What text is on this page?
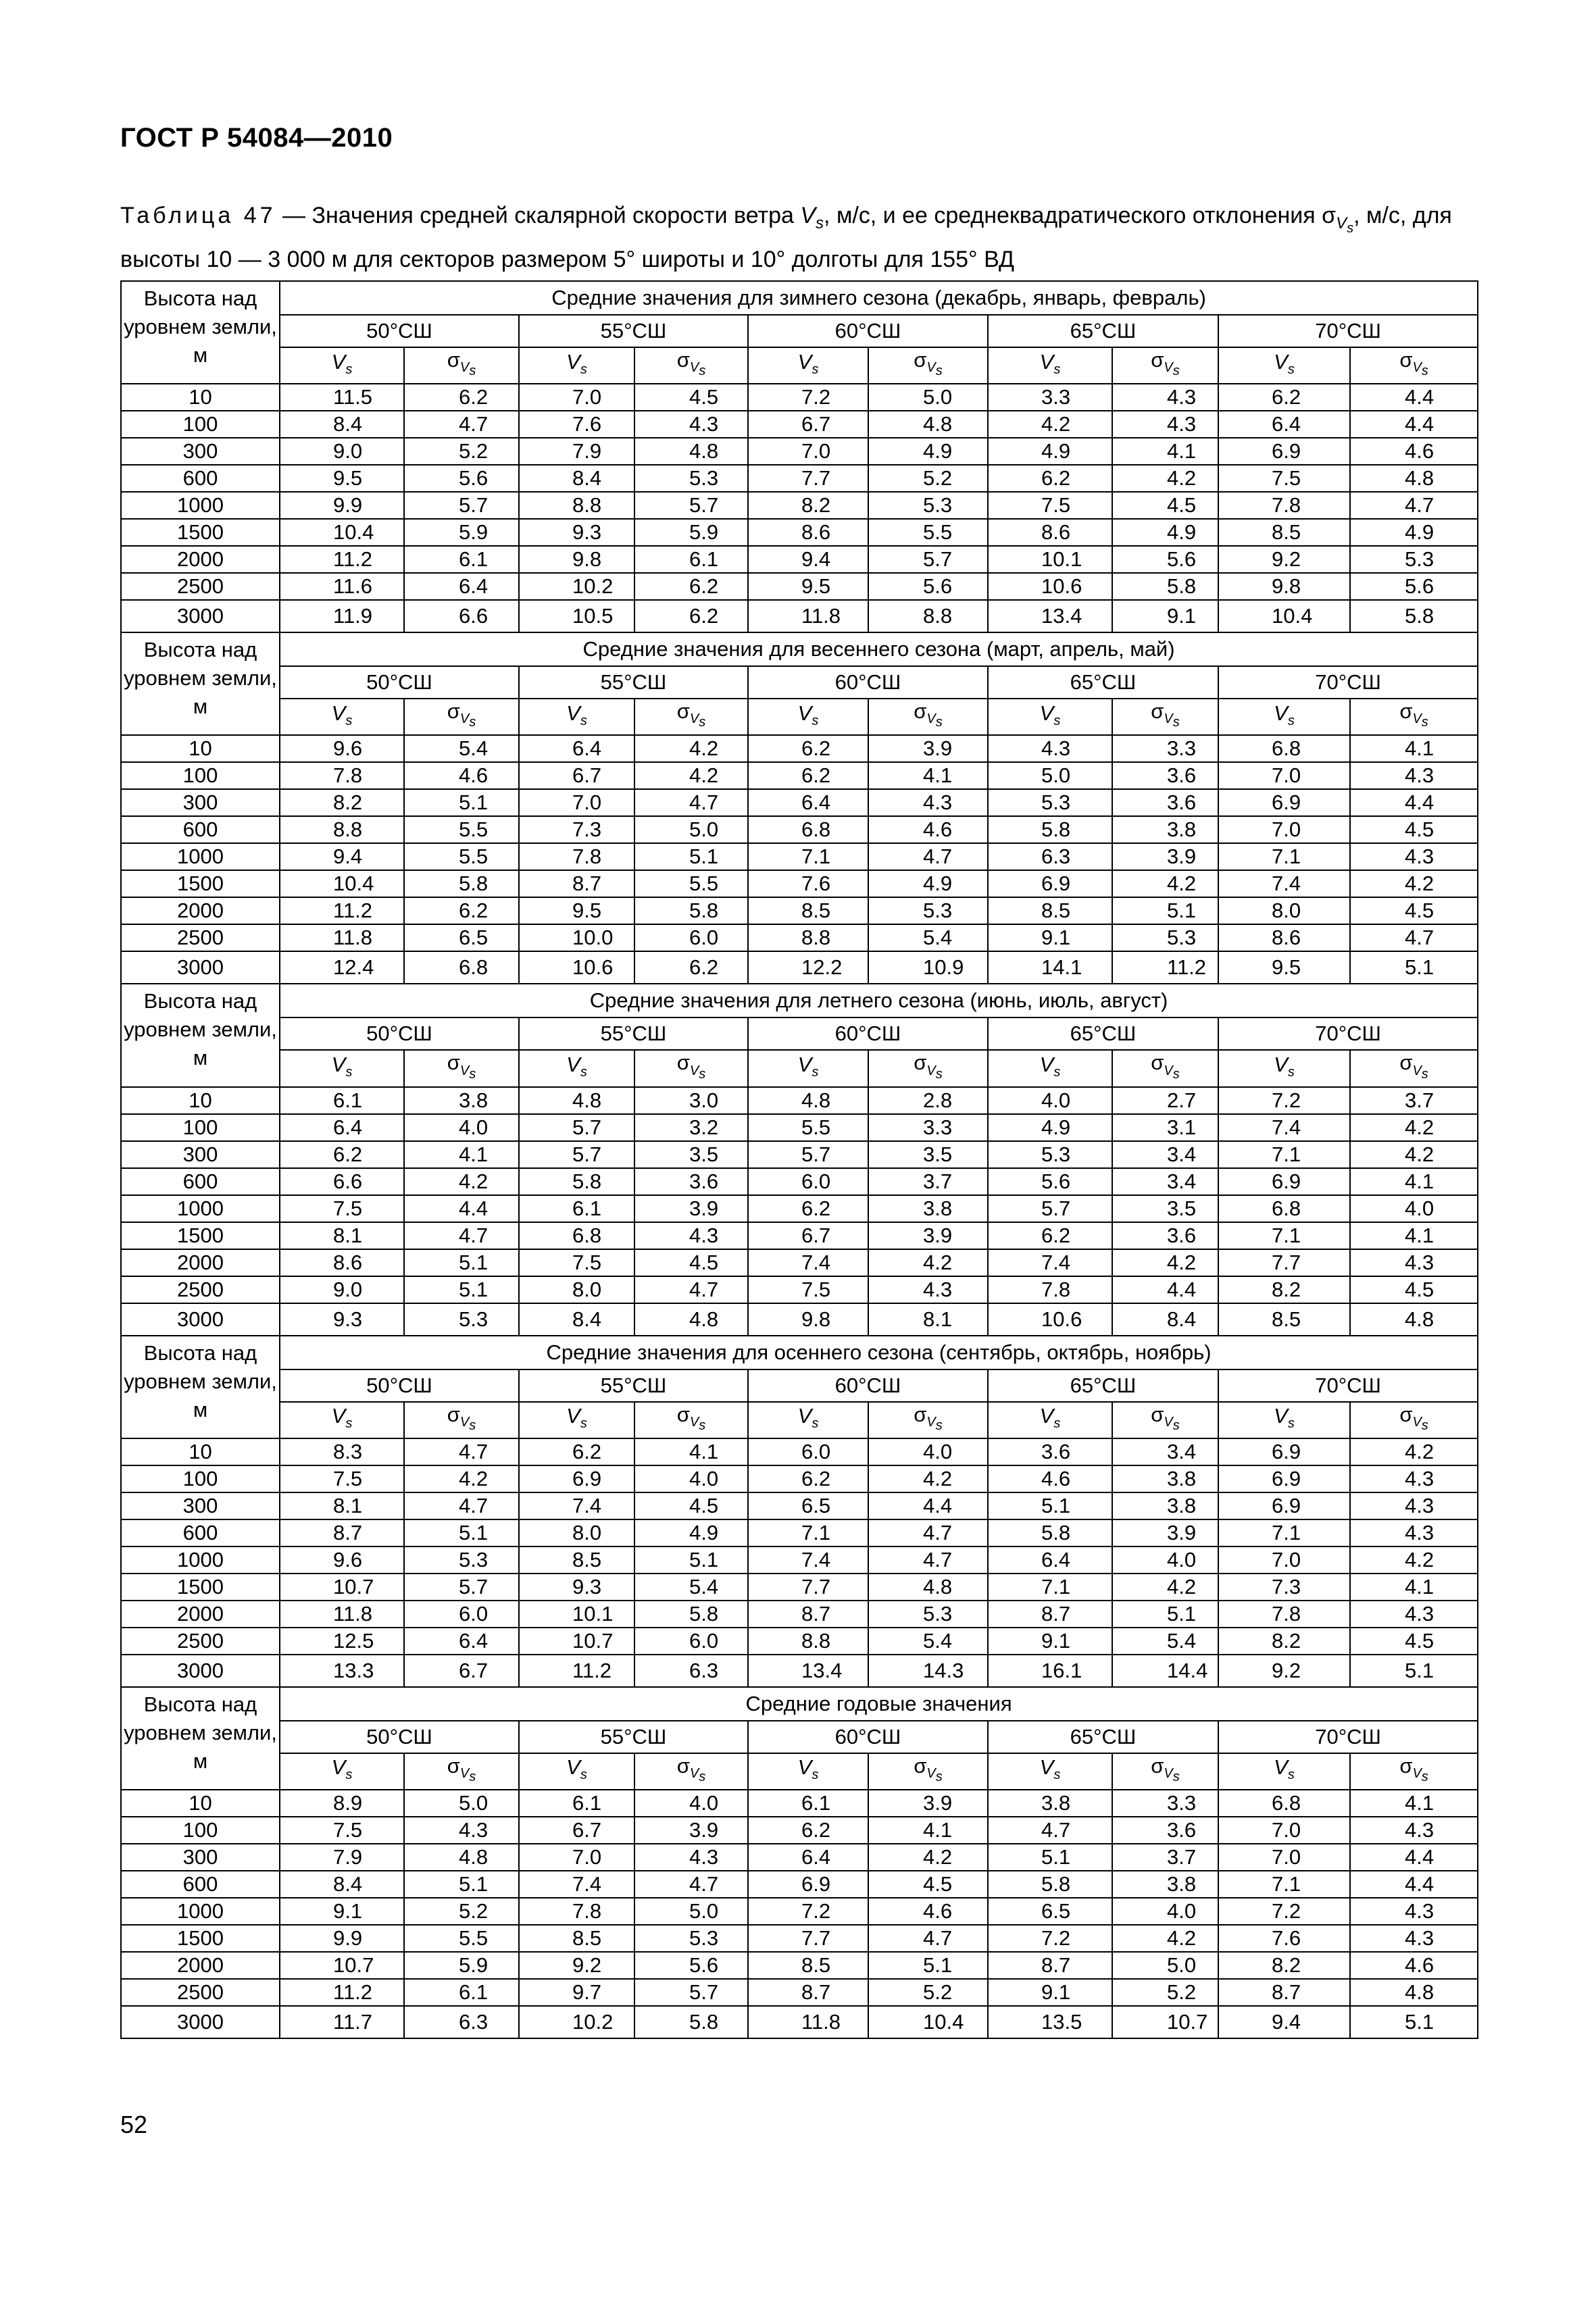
ГОСТ Р 54084—2010
Таблица 47 — Значения средней скалярной скорости ветра $V_s$, м/с, и ее среднеквадратического отклонения $\sigma_{V_s}$, м/с, для высоты 10 — 3 000 м для секторов размером 5° широты и 10° долготы для 155° ВД
Высота над уровнем земли, м	Средние значения для зимнего сезона (декабрь, январь, февраль)									
	50°СШ		55°СШ		60°СШ		65°СШ		70°СШ	
	$V_s$	$\sigma_{V_s}$	$V_s$	$\sigma_{V_s}$	$V_s$	$\sigma_{V_s}$	$V_s$	$\sigma_{V_s}$	$V_s$	$\sigma_{V_s}$
10	11.5	6.2	7.0	4.5	7.2	5.0	3.3	4.3	6.2	4.4
100	8.4	4.7	7.6	4.3	6.7	4.8	4.2	4.3	6.4	4.4
300	9.0	5.2	7.9	4.8	7.0	4.9	4.9	4.1	6.9	4.6
600	9.5	5.6	8.4	5.3	7.7	5.2	6.2	4.2	7.5	4.8
1000	9.9	5.7	8.8	5.7	8.2	5.3	7.5	4.5	7.8	4.7
1500	10.4	5.9	9.3	5.9	8.6	5.5	8.6	4.9	8.5	4.9
2000	11.2	6.1	9.8	6.1	9.4	5.7	10.1	5.6	9.2	5.3
2500	11.6	6.4	10.2	6.2	9.5	5.6	10.6	5.8	9.8	5.6
3000	11.9	6.6	10.5	6.2	11.8	8.8	13.4	9.1	10.4	5.8
Высота над уровнем земли, м	Средние значения для весеннего сезона (март, апрель, май)									
	50°СШ		55°СШ		60°СШ		65°СШ		70°СШ	
	$V_s$	$\sigma_{V_s}$	$V_s$	$\sigma_{V_s}$	$V_s$	$\sigma_{V_s}$	$V_s$	$\sigma_{V_s}$	$V_s$	$\sigma_{V_s}$
10	9.6	5.4	6.4	4.2	6.2	3.9	4.3	3.3	6.8	4.1
100	7.8	4.6	6.7	4.2	6.2	4.1	5.0	3.6	7.0	4.3
300	8.2	5.1	7.0	4.7	6.4	4.3	5.3	3.6	6.9	4.4
600	8.8	5.5	7.3	5.0	6.8	4.6	5.8	3.8	7.0	4.5
1000	9.4	5.5	7.8	5.1	7.1	4.7	6.3	3.9	7.1	4.3
1500	10.4	5.8	8.7	5.5	7.6	4.9	6.9	4.2	7.4	4.2
2000	11.2	6.2	9.5	5.8	8.5	5.3	8.5	5.1	8.0	4.5
2500	11.8	6.5	10.0	6.0	8.8	5.4	9.1	5.3	8.6	4.7
3000	12.4	6.8	10.6	6.2	12.2	10.9	14.1	11.2	9.5	5.1
Высота над уровнем земли, м	Средние значения для летнего сезона (июнь, июль, август)									
	50°СШ		55°СШ		60°СШ		65°СШ		70°СШ	
	$V_s$	$\sigma_{V_s}$	$V_s$	$\sigma_{V_s}$	$V_s$	$\sigma_{V_s}$	$V_s$	$\sigma_{V_s}$	$V_s$	$\sigma_{V_s}$
10	6.1	3.8	4.8	3.0	4.8	2.8	4.0	2.7	7.2	3.7
100	6.4	4.0	5.7	3.2	5.5	3.3	4.9	3.1	7.4	4.2
300	6.2	4.1	5.7	3.5	5.7	3.5	5.3	3.4	7.1	4.2
600	6.6	4.2	5.8	3.6	6.0	3.7	5.6	3.4	6.9	4.1
1000	7.5	4.4	6.1	3.9	6.2	3.8	5.7	3.5	6.8	4.0
1500	8.1	4.7	6.8	4.3	6.7	3.9	6.2	3.6	7.1	4.1
2000	8.6	5.1	7.5	4.5	7.4	4.2	7.4	4.2	7.7	4.3
2500	9.0	5.1	8.0	4.7	7.5	4.3	7.8	4.4	8.2	4.5
3000	9.3	5.3	8.4	4.8	9.8	8.1	10.6	8.4	8.5	4.8
Высота над уровнем земли, м	Средние значения для осеннего сезона (сентябрь, октябрь, ноябрь)									
	50°СШ		55°СШ		60°СШ		65°СШ		70°СШ	
	$V_s$	$\sigma_{V_s}$	$V_s$	$\sigma_{V_s}$	$V_s$	$\sigma_{V_s}$	$V_s$	$\sigma_{V_s}$	$V_s$	$\sigma_{V_s}$
10	8.3	4.7	6.2	4.1	6.0	4.0	3.6	3.4	6.9	4.2
100	7.5	4.2	6.9	4.0	6.2	4.2	4.6	3.8	6.9	4.3
300	8.1	4.7	7.4	4.5	6.5	4.4	5.1	3.8	6.9	4.3
600	8.7	5.1	8.0	4.9	7.1	4.7	5.8	3.9	7.1	4.3
1000	9.6	5.3	8.5	5.1	7.4	4.7	6.4	4.0	7.0	4.2
1500	10.7	5.7	9.3	5.4	7.7	4.8	7.1	4.2	7.3	4.1
2000	11.8	6.0	10.1	5.8	8.7	5.3	8.7	5.1	7.8	4.3
2500	12.5	6.4	10.7	6.0	8.8	5.4	9.1	5.4	8.2	4.5
3000	13.3	6.7	11.2	6.3	13.4	14.3	16.1	14.4	9.2	5.1
Высота над уровнем земли, м	Средние годовые значения									
	50°СШ		55°СШ		60°СШ		65°СШ		70°СШ	
	$V_s$	$\sigma_{V_s}$	$V_s$	$\sigma_{V_s}$	$V_s$	$\sigma_{V_s}$	$V_s$	$\sigma_{V_s}$	$V_s$	$\sigma_{V_s}$
10	8.9	5.0	6.1	4.0	6.1	3.9	3.8	3.3	6.8	4.1
100	7.5	4.3	6.7	3.9	6.2	4.1	4.7	3.6	7.0	4.3
300	7.9	4.8	7.0	4.3	6.4	4.2	5.1	3.7	7.0	4.4
600	8.4	5.1	7.4	4.7	6.9	4.5	5.8	3.8	7.1	4.4
1000	9.1	5.2	7.8	5.0	7.2	4.6	6.5	4.0	7.2	4.3
1500	9.9	5.5	8.5	5.3	7.7	4.7	7.2	4.2	7.6	4.3
2000	10.7	5.9	9.2	5.6	8.5	5.1	8.7	5.0	8.2	4.6
2500	11.2	6.1	9.7	5.7	8.7	5.2	9.1	5.2	8.7	4.8
3000	11.7	6.3	10.2	5.8	11.8	10.4	13.5	10.7	9.4	5.1
52
